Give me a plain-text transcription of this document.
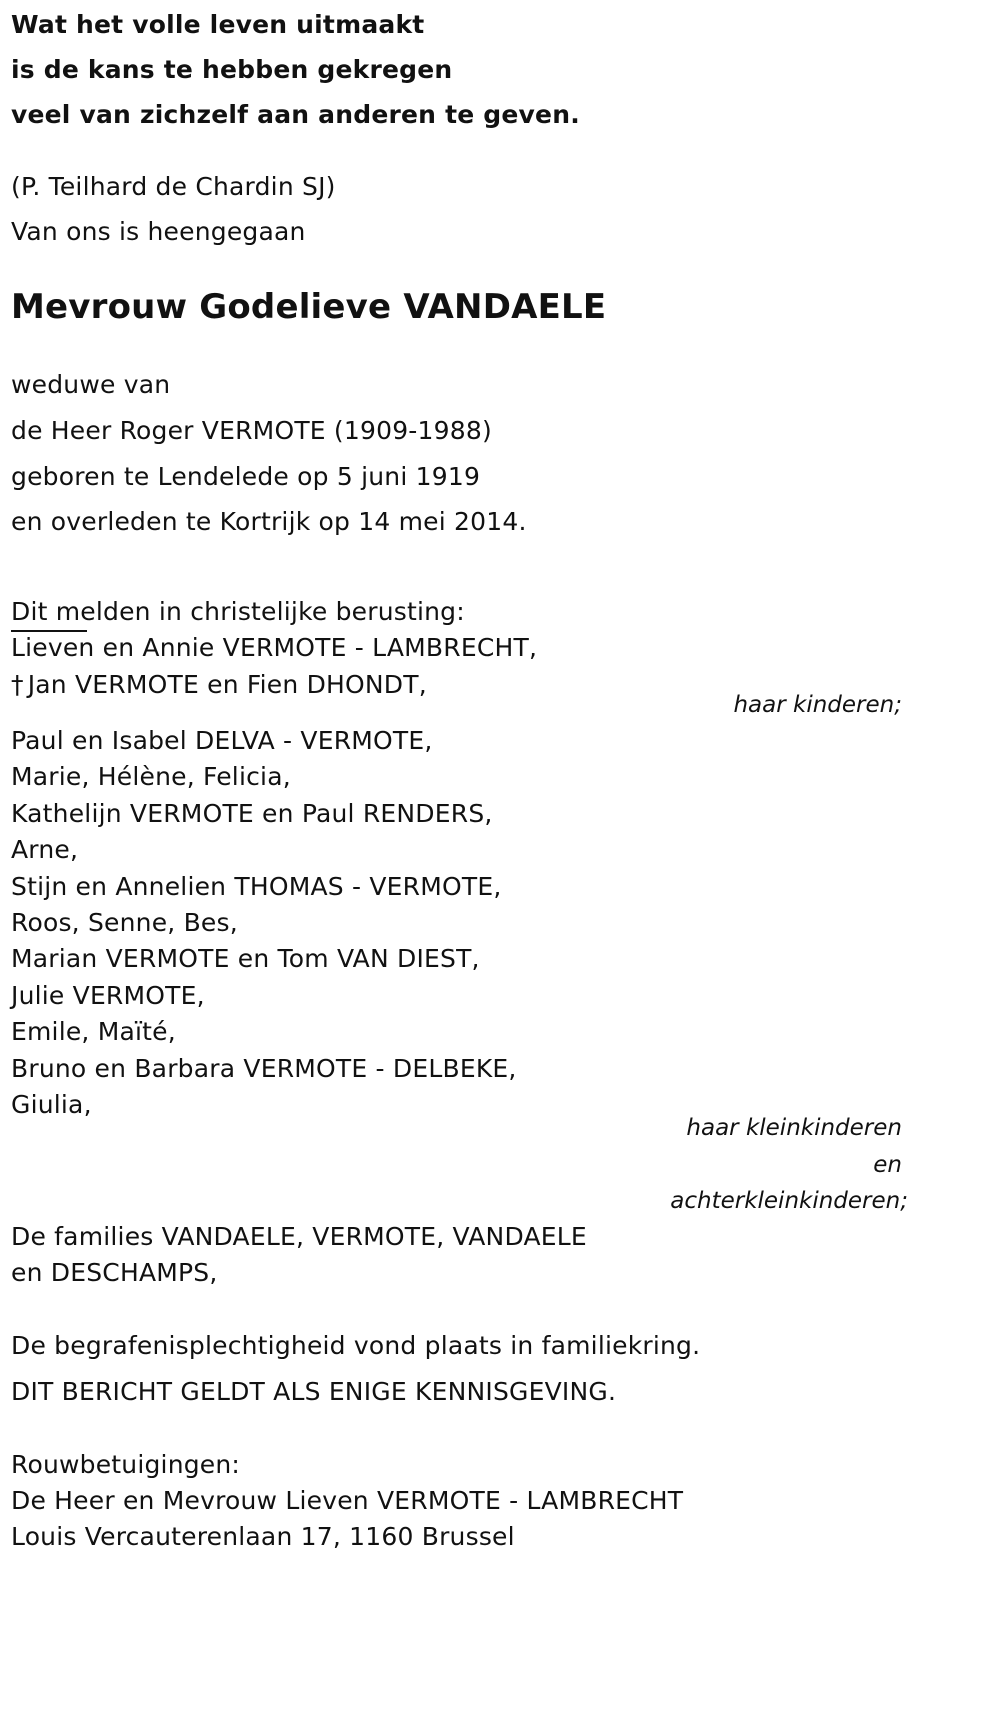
Wat het volle leven uitmaakt
is de kans te hebben gekregen
veel van zichzelf aan anderen te geven.
(P. Teilhard de Chardin SJ)
Van ons is heengegaan
Mevrouw Godelieve VANDAELE
weduwe van
de Heer Roger VERMOTE (1909-1988)
geboren te Lendelede op 5 juni 1919
en overleden te Kortrijk op 14 mei 2014.
Dit melden in christelijke berusting:
Lieven en Annie VERMOTE - LAMBRECHT,
† Jan VERMOTE en Fien DHONDT,
haar kinderen;
Paul en Isabel DELVA - VERMOTE,
Marie, Hélène, Felicia,
Kathelijn VERMOTE en Paul RENDERS,
Arne,
Stijn en Annelien THOMAS - VERMOTE,
Roos, Senne, Bes,
Marian VERMOTE en Tom VAN DIEST,
Julie VERMOTE,
Emile, Maïté,
Bruno en Barbara VERMOTE - DELBEKE,
Giulia,
haar kleinkinderen
en
achterkleinkinderen;
De families VANDAELE, VERMOTE, VANDAELE
en DESCHAMPS,
De begrafenisplechtigheid vond plaats in familiekring.
DIT BERICHT GELDT ALS ENIGE KENNISGEVING.
Rouwbetuigingen:
De Heer en Mevrouw Lieven VERMOTE - LAMBRECHT
Louis Vercauterenlaan 17, 1160 Brussel
